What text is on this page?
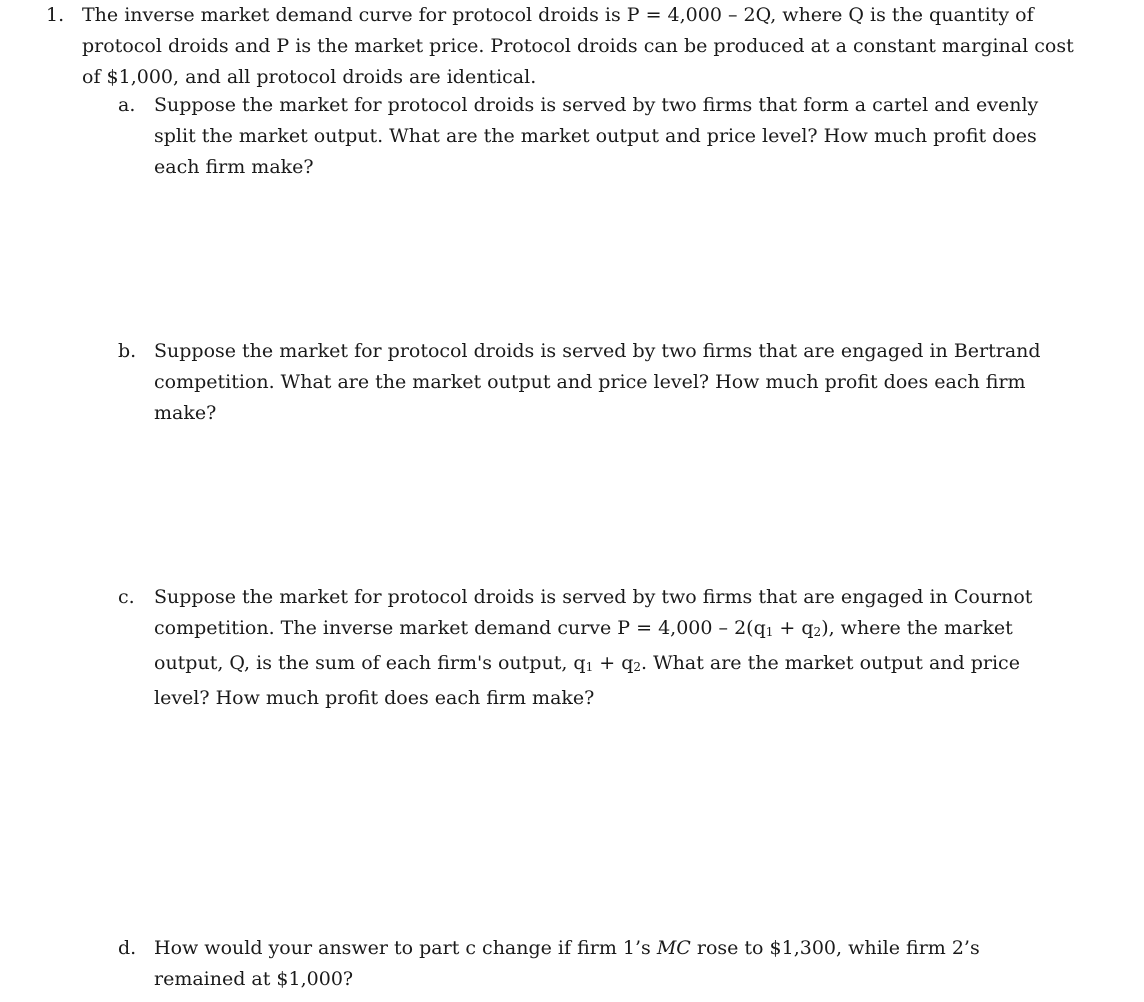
1. The inverse market demand curve for protocol droids is P = 4,000 – 2Q, where Q is the quantity of protocol droids and P is the market price. Protocol droids can be produced at a constant marginal cost of $1,000, and all protocol droids are identical.
a. Suppose the market for protocol droids is served by two firms that form a cartel and evenly split the market output. What are the market output and price level? How much profit does each firm make?
b. Suppose the market for protocol droids is served by two firms that are engaged in Bertrand competition. What are the market output and price level? How much profit does each firm make?
c. Suppose the market for protocol droids is served by two firms that are engaged in Cournot competition. The inverse market demand curve P = 4,000 – 2(q1 + q2), where the market output, Q, is the sum of each firm's output, q1 + q2. What are the market output and price level? How much profit does each firm make?
d. How would your answer to part c change if firm 1’s MC rose to $1,300, while firm 2’s remained at $1,000?
